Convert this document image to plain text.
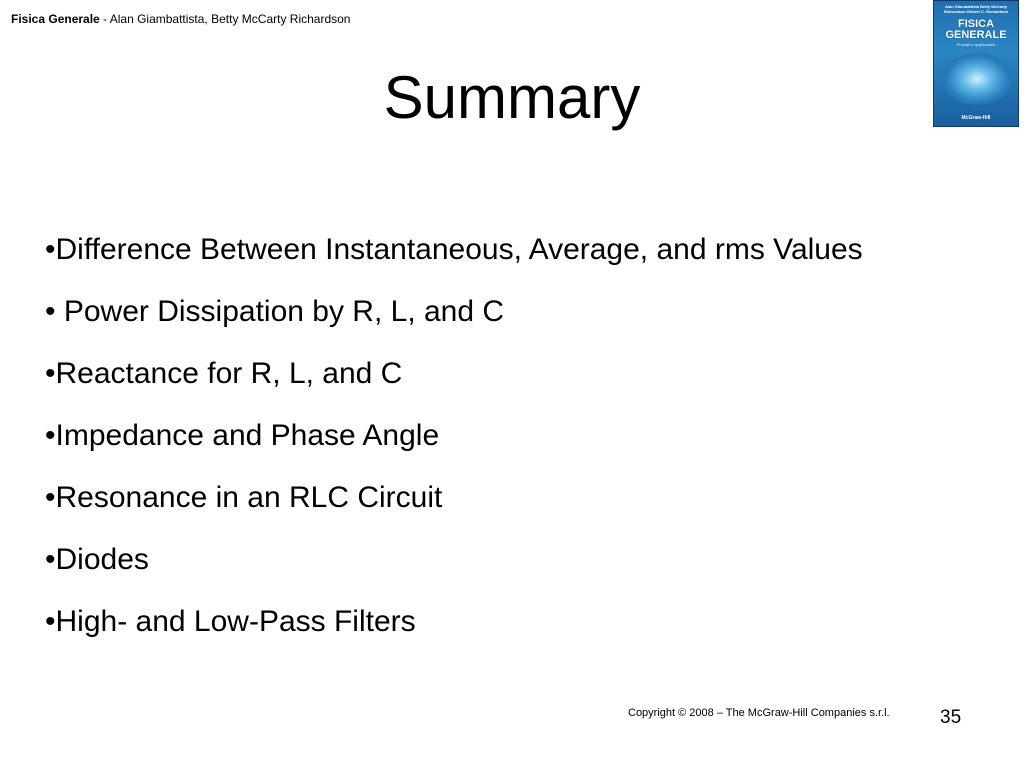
Fisica Generale - Alan Giambattista, Betty McCarty Richardson
Alan Giambattista Betty McCarty Richardson Robert C. Richardson
FISICA GENERALE
Principi e applicazioni
McGraw-Hill
Summary
•Difference Between Instantaneous, Average, and rms Values
• Power Dissipation by R, L, and C
•Reactance for R, L, and C
•Impedance and Phase Angle
•Resonance in an RLC Circuit
•Diodes
•High- and Low-Pass Filters
Copyright © 2008 – The McGraw-Hill Companies s.r.l.	35
